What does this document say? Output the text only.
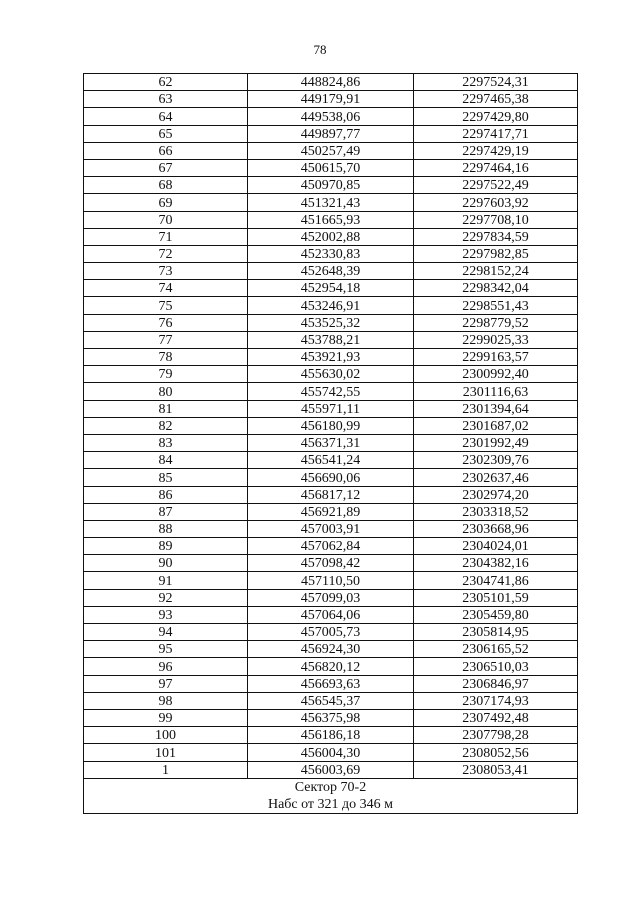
78
62	448824,86	2297524,31
63	449179,91	2297465,38
64	449538,06	2297429,80
65	449897,77	2297417,71
66	450257,49	2297429,19
67	450615,70	2297464,16
68	450970,85	2297522,49
69	451321,43	2297603,92
70	451665,93	2297708,10
71	452002,88	2297834,59
72	452330,83	2297982,85
73	452648,39	2298152,24
74	452954,18	2298342,04
75	453246,91	2298551,43
76	453525,32	2298779,52
77	453788,21	2299025,33
78	453921,93	2299163,57
79	455630,02	2300992,40
80	455742,55	2301116,63
81	455971,11	2301394,64
82	456180,99	2301687,02
83	456371,31	2301992,49
84	456541,24	2302309,76
85	456690,06	2302637,46
86	456817,12	2302974,20
87	456921,89	2303318,52
88	457003,91	2303668,96
89	457062,84	2304024,01
90	457098,42	2304382,16
91	457110,50	2304741,86
92	457099,03	2305101,59
93	457064,06	2305459,80
94	457005,73	2305814,95
95	456924,30	2306165,52
96	456820,12	2306510,03
97	456693,63	2306846,97
98	456545,37	2307174,93
99	456375,98	2307492,48
100	456186,18	2307798,28
101	456004,30	2308052,56
1	456003,69	2308053,41

Сектор 70-2
Набс от 321 до 346 м		
